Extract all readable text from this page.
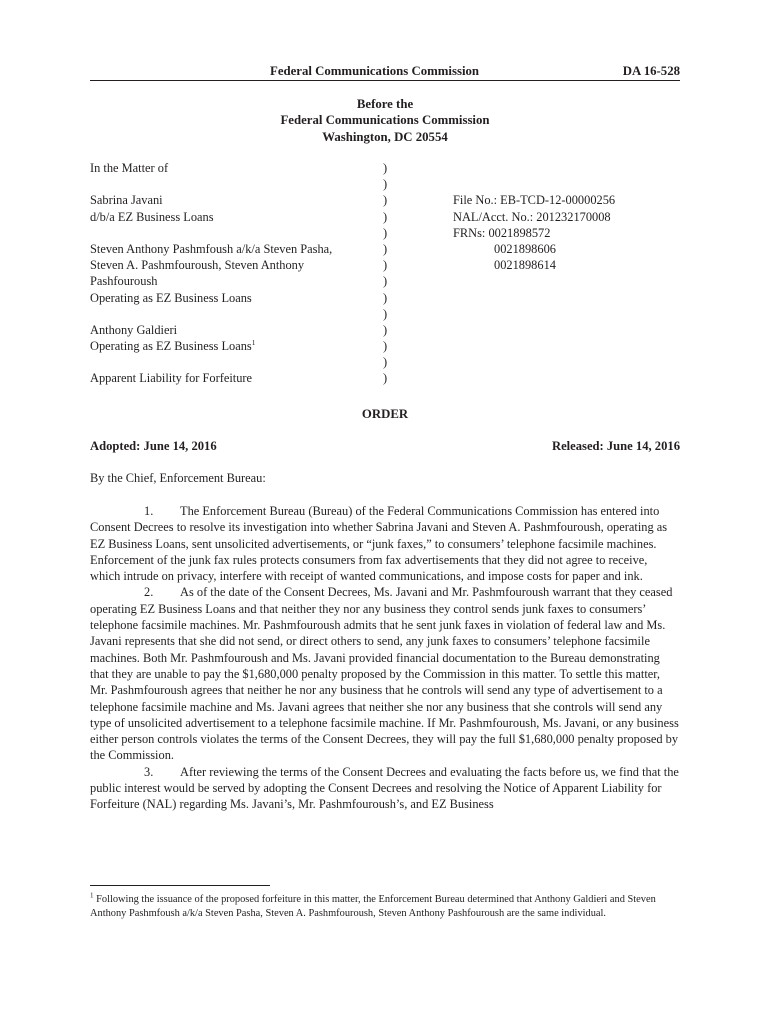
Federal Communications Commission	DA 16-528
Before the
Federal Communications Commission
Washington, DC 20554
In the Matter of
Sabrina Javani
d/b/a EZ Business Loans
Steven Anthony Pashmfoush a/k/a Steven Pasha,
Steven A. Pashmfouroush, Steven Anthony
Pashfouroush
Operating as EZ Business Loans
Anthony Galdieri
Operating as EZ Business Loans$^1$
Apparent Liability for Forfeiture
)
)
)
)
)
)
)
)
)
)
)
)
)
)
File No.: EB-TCD-12-00000256
NAL/Acct. No.: 201232170008
FRNs: 0021898572
0021898606
0021898614
ORDER
Adopted: June 14, 2016	Released: June 14, 2016
By the Chief, Enforcement Bureau:

1. The Enforcement Bureau (Bureau) of the Federal Communications Commission has entered into Consent Decrees to resolve its investigation into whether Sabrina Javani and Steven A. Pashmfouroush, operating as EZ Business Loans, sent unsolicited advertisements, or “junk faxes,” to consumers’ telephone facsimile machines. Enforcement of the junk fax rules protects consumers from fax advertisements that they did not agree to receive, which intrude on privacy, interfere with receipt of wanted communications, and impose costs for paper and ink.

2. As of the date of the Consent Decrees, Ms. Javani and Mr. Pashmfouroush warrant that they ceased operating EZ Business Loans and that neither they nor any business they control sends junk faxes to consumers’ telephone facsimile machines. Mr. Pashmfouroush admits that he sent junk faxes in violation of federal law and Ms. Javani represents that she did not send, or direct others to send, any junk faxes to consumers’ telephone facsimile machines. Both Mr. Pashmfouroush and Ms. Javani provided financial documentation to the Bureau demonstrating that they are unable to pay the $1,680,000 penalty proposed by the Commission in this matter. To settle this matter, Mr. Pashmfouroush agrees that neither he nor any business that he controls will send any type of advertisement to a telephone facsimile machine and Ms. Javani agrees that neither she nor any business that she controls will send any type of unsolicited advertisement to a telephone facsimile machine. If Mr. Pashmfouroush, Ms. Javani, or any business either person controls violates the terms of the Consent Decrees, they will pay the full $1,680,000 penalty proposed by the Commission.

3. After reviewing the terms of the Consent Decrees and evaluating the facts before us, we find that the public interest would be served by adopting the Consent Decrees and resolving the Notice of Apparent Liability for Forfeiture (NAL) regarding Ms. Javani’s, Mr. Pashmfouroush’s, and EZ Business

$^1$ Following the issuance of the proposed forfeiture in this matter, the Enforcement Bureau determined that Anthony Galdieri and Steven Anthony Pashmfoush a/k/a Steven Pasha, Steven A. Pashmfouroush, Steven Anthony Pashfouroush are the same individual.
